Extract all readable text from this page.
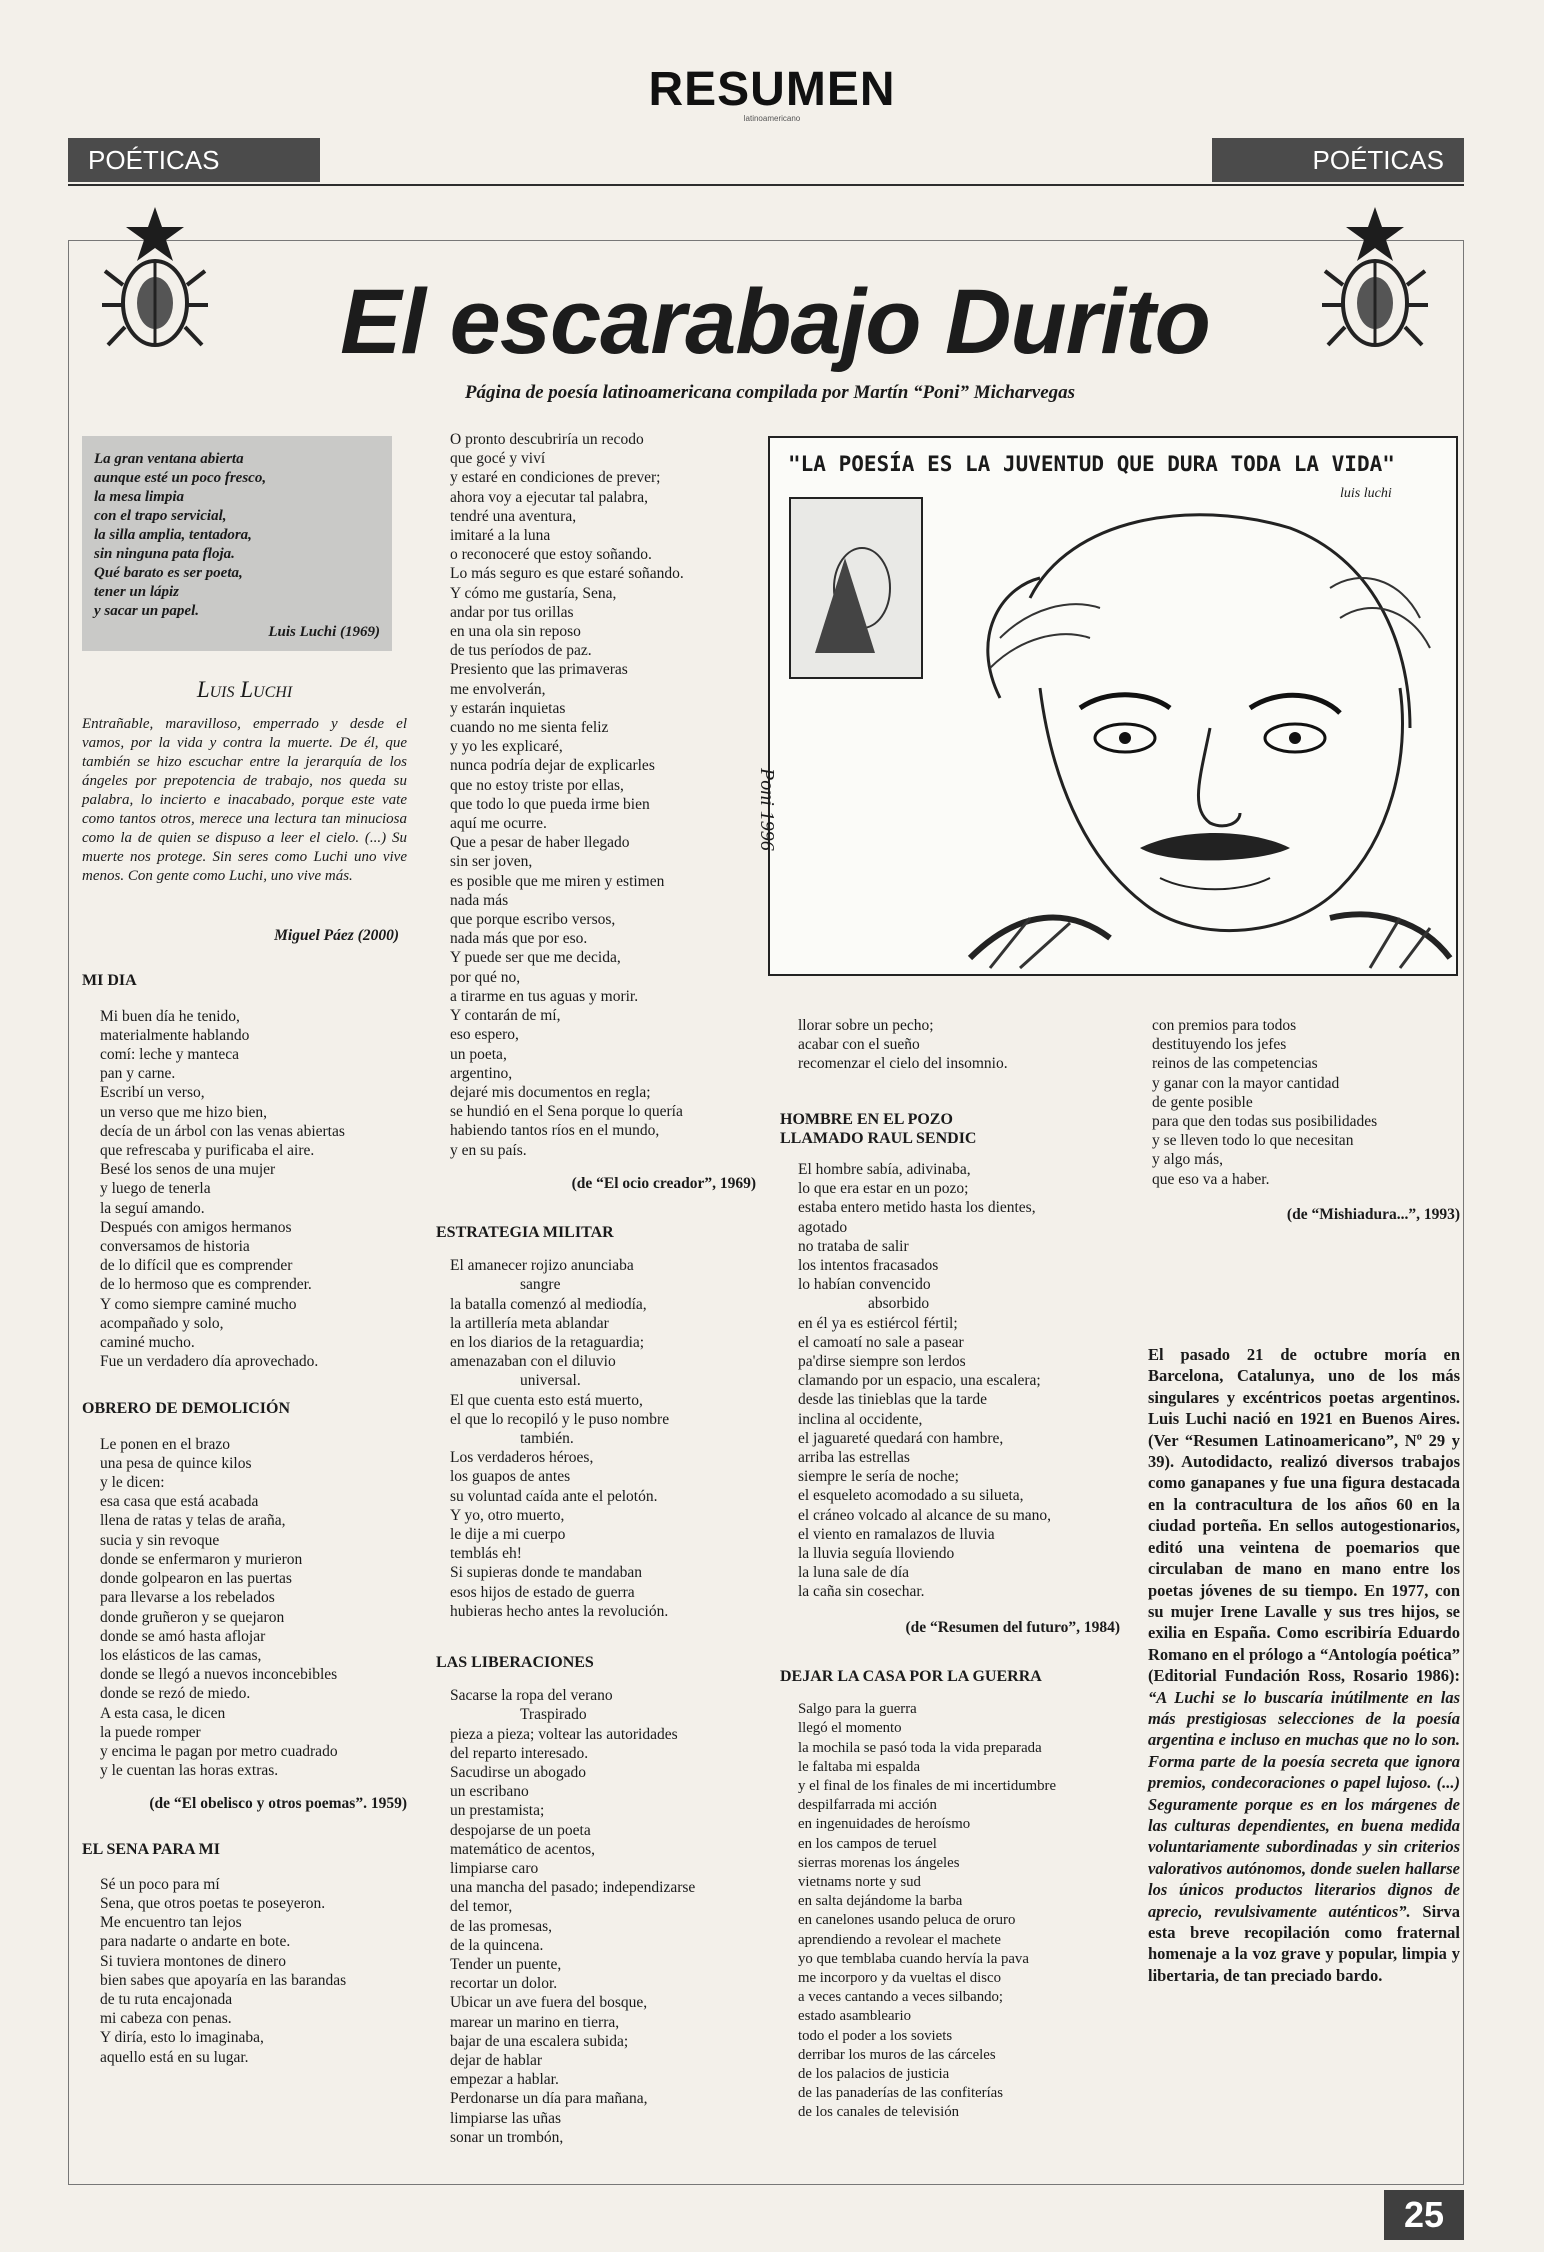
RESUMEN
latinoamericano
POÉTICAS	POÉTICAS
El escarabajo Durito
Página de poesía latinoamericana compilada por Martín “Poni” Micharvegas
La gran ventana abierta
aunque esté un poco fresco,
la mesa limpia
con el trapo servicial,
la silla amplia, tentadora,
sin ninguna pata floja.
Qué barato es ser poeta,
tener un lápiz
y sacar un papel.
Luis Luchi (1969)
Luis Luchi
Entrañable, maravilloso, emperrado y desde el vamos, por la vida y contra la muerte. De él, que también se hizo escuchar entre la jerarquía de los ángeles por prepotencia de trabajo, nos queda su palabra, lo incierto e inacabado, porque este vate como tantos otros, merece una lectura tan minuciosa como la de quien se dispuso a leer el cielo. (...) Su muerte nos protege. Sin seres como Luchi uno vive menos. Con gente como Luchi, uno vive más.
Miguel Páez (2000)
MI DIA
Mi buen día he tenido,
materialmente hablando
comí: leche y manteca
pan y carne.
Escribí un verso,
un verso que me hizo bien,
decía de un árbol con las venas abiertas
que refrescaba y purificaba el aire.
Besé los senos de una mujer
y luego de tenerla
la seguí amando.
Después con amigos hermanos
conversamos de historia
de lo difícil que es comprender
de lo hermoso que es comprender.
Y como siempre caminé mucho
acompañado y solo,
caminé mucho.
Fue un verdadero día aprovechado.
OBRERO DE DEMOLICIÓN
Le ponen en el brazo
una pesa de quince kilos
y le dicen:
esa casa que está acabada
llena de ratas y telas de araña,
sucia y sin revoque
donde se enfermaron y murieron
donde golpearon en las puertas
para llevarse a los rebelados
donde gruñeron y se quejaron
donde se amó hasta aflojar
los elásticos de las camas,
donde se llegó a nuevos inconcebibles
donde se rezó de miedo.
A esta casa, le dicen
la puede romper
y encima le pagan por metro cuadrado
y le cuentan las horas extras.
(de “El obelisco y otros poemas”. 1959)
EL SENA PARA MI
Sé un poco para mí
Sena, que otros poetas te poseyeron.
Me encuentro tan lejos
para nadarte o andarte en bote.
Si tuviera montones de dinero
bien sabes que apoyaría en las barandas
de tu ruta encajonada
mi cabeza con penas.
Y diría, esto lo imaginaba,
aquello está en su lugar.
O pronto descubriría un recodo
que gocé y viví
y estaré en condiciones de prever;
ahora voy a ejecutar tal palabra,
tendré una aventura,
imitaré a la luna
o reconoceré que estoy soñando.
Lo más seguro es que estaré soñando.
Y cómo me gustaría, Sena,
andar por tus orillas
en una ola sin reposo
de tus períodos de paz.
Presiento que las primaveras
me envolverán,
y estarán inquietas
cuando no me sienta feliz
y yo les explicaré,
nunca podría dejar de explicarles
que no estoy triste por ellas,
que todo lo que pueda irme bien
aquí me ocurre.
Que a pesar de haber llegado
sin ser joven,
es posible que me miren y estimen
nada más
que porque escribo versos,
nada más que por eso.
Y puede ser que me decida,
por qué no,
a tirarme en tus aguas y morir.
Y contarán de mí,
eso espero,
un poeta,
argentino,
dejaré mis documentos en regla;
se hundió en el Sena porque lo quería
habiendo tantos ríos en el mundo,
y en su país.
(de “El ocio creador”, 1969)
ESTRATEGIA MILITAR
El amanecer rojizo anunciaba
sangre
la batalla comenzó al mediodía,
la artillería meta ablandar
en los diarios de la retaguardia;
amenazaban con el diluvio
universal.
El que cuenta esto está muerto,
el que lo recopiló y le puso nombre
también.
Los verdaderos héroes,
los guapos de antes
su voluntad caída ante el pelotón.
Y yo, otro muerto,
le dije a mi cuerpo
temblás eh!
Si supieras donde te mandaban
esos hijos de estado de guerra
hubieras hecho antes la revolución.
LAS LIBERACIONES
Sacarse la ropa del verano
Traspirado
pieza a pieza; voltear las autoridades
del reparto interesado.
Sacudirse un abogado
un escribano
un prestamista;
despojarse de un poeta
matemático de acentos,
limpiarse caro
una mancha del pasado; independizarse
del temor,
de las promesas,
de la quincena.
Tender un puente,
recortar un dolor.
Ubicar un ave fuera del bosque,
marear un marino en tierra,
bajar de una escalera subida;
dejar de hablar
empezar a hablar.
Perdonarse un día para mañana,
limpiarse las uñas
sonar un trombón,
"LA POESÍA ES LA JUVENTUD QUE DURA TODA LA VIDA"
luis luchi
Poni 1996
llorar sobre un pecho;
acabar con el sueño
recomenzar el cielo del insomnio.
HOMBRE EN EL POZO
LLAMADO RAUL SENDIC
El hombre sabía, adivinaba,
lo que era estar en un pozo;
estaba entero metido hasta los dientes,
agotado
no trataba de salir
los intentos fracasados
lo habían convencido
absorbido
en él ya es estiércol fértil;
el camoatí no sale a pasear
pa'dirse siempre son lerdos
clamando por un espacio, una escalera;
desde las tinieblas que la tarde
inclina al occidente,
el jaguareté quedará con hambre,
arriba las estrellas
siempre le sería de noche;
el esqueleto acomodado a su silueta,
el cráneo volcado al alcance de su mano,
el viento en ramalazos de lluvia
la lluvia seguía lloviendo
la luna sale de día
la caña sin cosechar.
(de “Resumen del futuro”, 1984)
DEJAR LA CASA POR LA GUERRA
Salgo para la guerra
llegó el momento
la mochila se pasó toda la vida preparada
le faltaba mi espalda
y el final de los finales de mi incertidumbre
despilfarrada mi acción
en ingenuidades de heroísmo
en los campos de teruel
sierras morenas los ángeles
vietnams norte y sud
en salta dejándome la barba
en canelones usando peluca de oruro
aprendiendo a revolear el machete
yo que temblaba cuando hervía la pava
me incorporo y da vueltas el disco
a veces cantando a veces silbando;
estado asambleario
todo el poder a los soviets
derribar los muros de las cárceles
de los palacios de justicia
de las panaderías de las confiterías
de los canales de televisión
con premios para todos
destituyendo los jefes
reinos de las competencias
y ganar con la mayor cantidad
de gente posible
para que den todas sus posibilidades
y se lleven todo lo que necesitan
y algo más,
que eso va a haber.
(de “Mishiadura...”, 1993)
El pasado 21 de octubre moría en Barcelona, Catalunya, uno de los más singulares y excéntricos poetas argentinos. Luis Luchi nació en 1921 en Buenos Aires. (Ver “Resumen Latinoamericano”, Nº 29 y 39). Autodidacto, realizó diversos trabajos como ganapanes y fue una figura destacada en la contracultura de los años 60 en la ciudad porteña. En sellos autogestionarios, editó una veintena de poemarios que circulaban de mano en mano entre los poetas jóvenes de su tiempo. En 1977, con su mujer Irene Lavalle y sus tres hijos, se exilia en España. Como escribiría Eduardo Romano en el prólogo a “Antología poética” (Editorial Fundación Ross, Rosario 1986): “A Luchi se lo buscaría inútilmente en las más prestigiosas selecciones de la poesía argentina e incluso en muchas que no lo son. Forma parte de la poesía secreta que ignora premios, condecoraciones o papel lujoso. (...) Seguramente porque es en los márgenes de las culturas dependientes, en buena medida voluntariamente subordinadas y sin criterios valorativos autónomos, donde suelen hallarse los únicos productos literarios dignos de aprecio, revulsivamente auténticos”. Sirva esta breve recopilación como fraternal homenaje a la voz grave y popular, limpia y libertaria, de tan preciado bardo.
25
